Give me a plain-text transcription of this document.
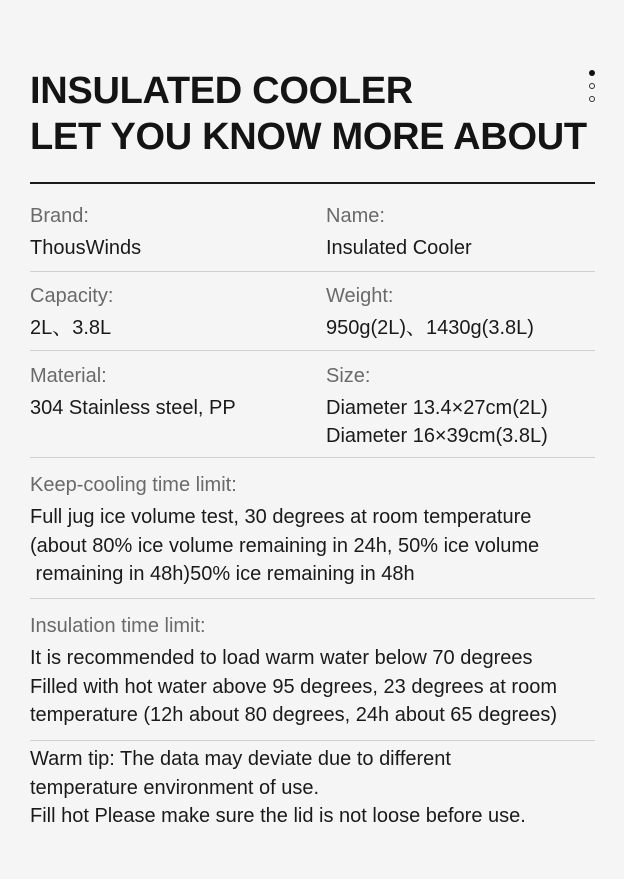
INSULATED COOLER
LET YOU KNOW MORE ABOUT
Brand:
ThousWinds
Name:
Insulated Cooler
Capacity:
2L、3.8L
Weight:
950g(2L)、1430g(3.8L)
Material:
304 Stainless steel, PP
Size:
Diameter 13.4×27cm(2L)
Diameter 16×39cm(3.8L)
Keep-cooling time limit:
Full jug ice volume test, 30 degrees at room temperature
(about 80% ice volume remaining in 24h, 50% ice volume
remaining in 48h)50% ice remaining in 48h
Insulation time limit:
It is recommended to load warm water below 70 degrees
Filled with hot water above 95 degrees, 23 degrees at room
temperature (12h about 80 degrees, 24h about 65 degrees)
Warm tip: The data may deviate due to different
temperature environment of use.
Fill hot Please make sure the lid is not loose before use.
